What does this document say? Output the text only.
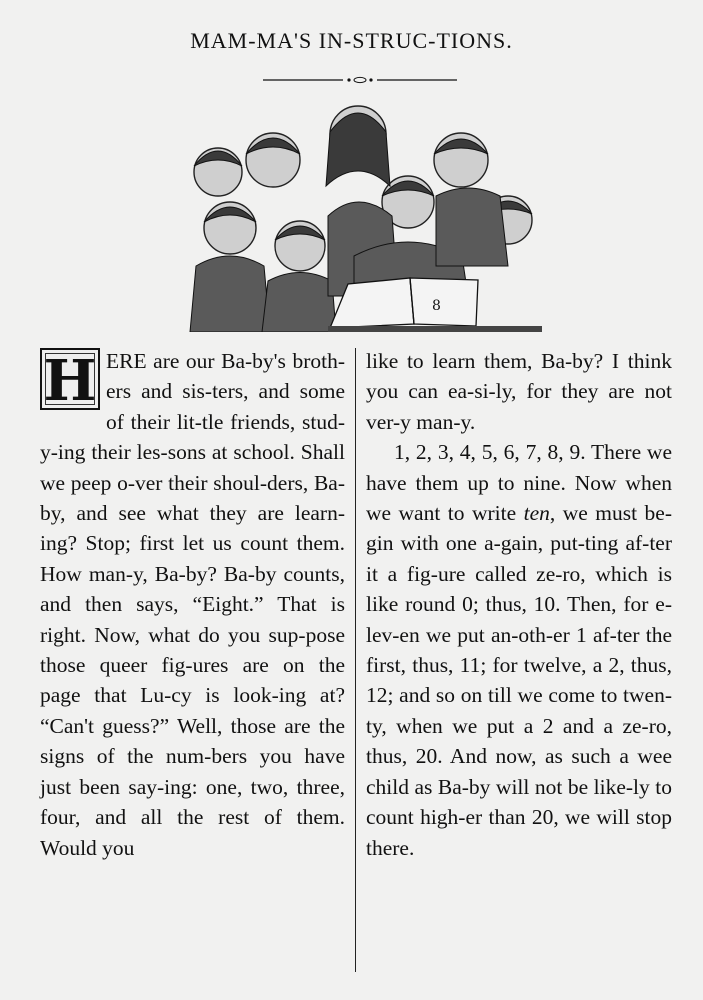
MAM-MA'S IN-STRUC-TIONS.
8

H ERE are our Ba-by's broth-ers and sis-ters, and some of their lit-tle friends, stud-y-ing their les-sons at school. Shall we peep o-ver their shoul-ders, Ba-by, and see what they are learn-ing? Stop; first let us count them. How man-y, Ba-by? Ba-by counts, and then says, “Eight.” That is right. Now, what do you sup-pose those queer fig-ures are on the page that Lu-cy is look-ing at? “Can't guess?” Well, those are the signs of the num-bers you have just been say-ing: one, two, three, four, and all the rest of them. Would you

like to learn them, Ba-by? I think you can ea-si-ly, for they are not ver-y man-y.

1, 2, 3, 4, 5, 6, 7, 8, 9. There we have them up to nine. Now when we want to write ten, we must be-gin with one a-gain, put-ting af-ter it a fig-ure called ze-ro, which is like round 0; thus, 10. Then, for e-lev-en we put an-oth-er 1 af-ter the first, thus, 11; for twelve, a 2, thus, 12; and so on till we come to twen-ty, when we put a 2 and a ze-ro, thus, 20. And now, as such a wee child as Ba-by will not be like-ly to count high-er than 20, we will stop there.
